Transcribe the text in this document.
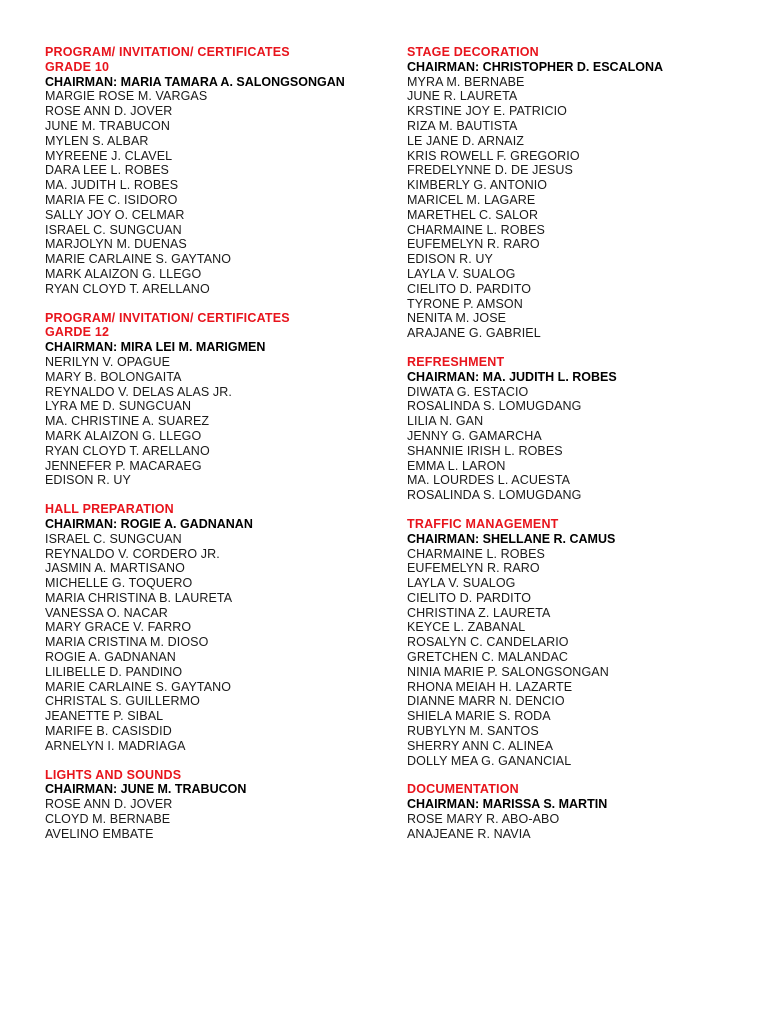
PROGRAM/ INVITATION/ CERTIFICATES
GRADE 10
CHAIRMAN: MARIA TAMARA A. SALONGSONGAN
MARGIE ROSE M. VARGAS
ROSE ANN D. JOVER
JUNE M. TRABUCON
MYLEN S. ALBAR
MYREENE J. CLAVEL
DARA LEE L. ROBES
MA. JUDITH L. ROBES
MARIA FE C. ISIDORO
SALLY JOY O. CELMAR
ISRAEL C. SUNGCUAN
MARJOLYN M. DUENAS
MARIE CARLAINE S. GAYTANO
MARK ALAIZON G. LLEGO
RYAN CLOYD T. ARELLANO
PROGRAM/ INVITATION/ CERTIFICATES
GARDE 12
CHAIRMAN: MIRA LEI M. MARIGMEN
NERILYN V. OPAGUE
MARY B. BOLONGAITA
REYNALDO V. DELAS ALAS JR.
LYRA ME D. SUNGCUAN
MA. CHRISTINE A. SUAREZ
MARK ALAIZON G. LLEGO
RYAN CLOYD T. ARELLANO
JENNEFER P. MACARAEG
EDISON R. UY
HALL PREPARATION
CHAIRMAN: ROGIE A. GADNANAN
ISRAEL C. SUNGCUAN
REYNALDO V. CORDERO JR.
JASMIN A. MARTISANO
MICHELLE G. TOQUERO
MARIA CHRISTINA B. LAURETA
VANESSA O. NACAR
MARY GRACE V. FARRO
MARIA CRISTINA M. DIOSO
ROGIE A. GADNANAN
LILIBELLE D. PANDINO
MARIE CARLAINE S. GAYTANO
CHRISTAL S. GUILLERMO
JEANETTE P. SIBAL
MARIFE B. CASISDID
ARNELYN I. MADRIAGA
LIGHTS AND SOUNDS
CHAIRMAN: JUNE M. TRABUCON
ROSE ANN D. JOVER
CLOYD M. BERNABE
AVELINO EMBATE
STAGE DECORATION
CHAIRMAN: CHRISTOPHER D. ESCALONA
MYRA M. BERNABE
JUNE R. LAURETA
KRSTINE JOY E. PATRICIO
RIZA M. BAUTISTA
LE JANE D. ARNAIZ
KRIS ROWELL F. GREGORIO
FREDELYNNE D. DE JESUS
KIMBERLY G. ANTONIO
MARICEL M. LAGARE
MARETHEL C. SALOR
CHARMAINE L. ROBES
EUFEMELYN R. RARO
EDISON R. UY
LAYLA V. SUALOG
CIELITO D. PARDITO
TYRONE P. AMSON
NENITA M. JOSE
ARAJANE G. GABRIEL
REFRESHMENT
CHAIRMAN: MA. JUDITH L. ROBES
DIWATA G. ESTACIO
ROSALINDA S. LOMUGDANG
LILIA N. GAN
JENNY G. GAMARCHA
SHANNIE IRISH L. ROBES
EMMA L. LARON
MA. LOURDES L. ACUESTA
ROSALINDA S. LOMUGDANG
TRAFFIC MANAGEMENT
CHAIRMAN: SHELLANE R. CAMUS
CHARMAINE L. ROBES
EUFEMELYN R. RARO
LAYLA V. SUALOG
CIELITO D. PARDITO
CHRISTINA Z. LAURETA
KEYCE L. ZABANAL
ROSALYN C. CANDELARIO
GRETCHEN C. MALANDAC
NINIA MARIE P. SALONGSONGAN
RHONA MEIAH H. LAZARTE
DIANNE MARR N. DENCIO
SHIELA MARIE S. RODA
RUBYLYN M. SANTOS
SHERRY ANN C. ALINEA
DOLLY MEA G. GANANCIAL
DOCUMENTATION
CHAIRMAN: MARISSA S. MARTIN
ROSE MARY R. ABO-ABO
ANAJEANE R. NAVIA
